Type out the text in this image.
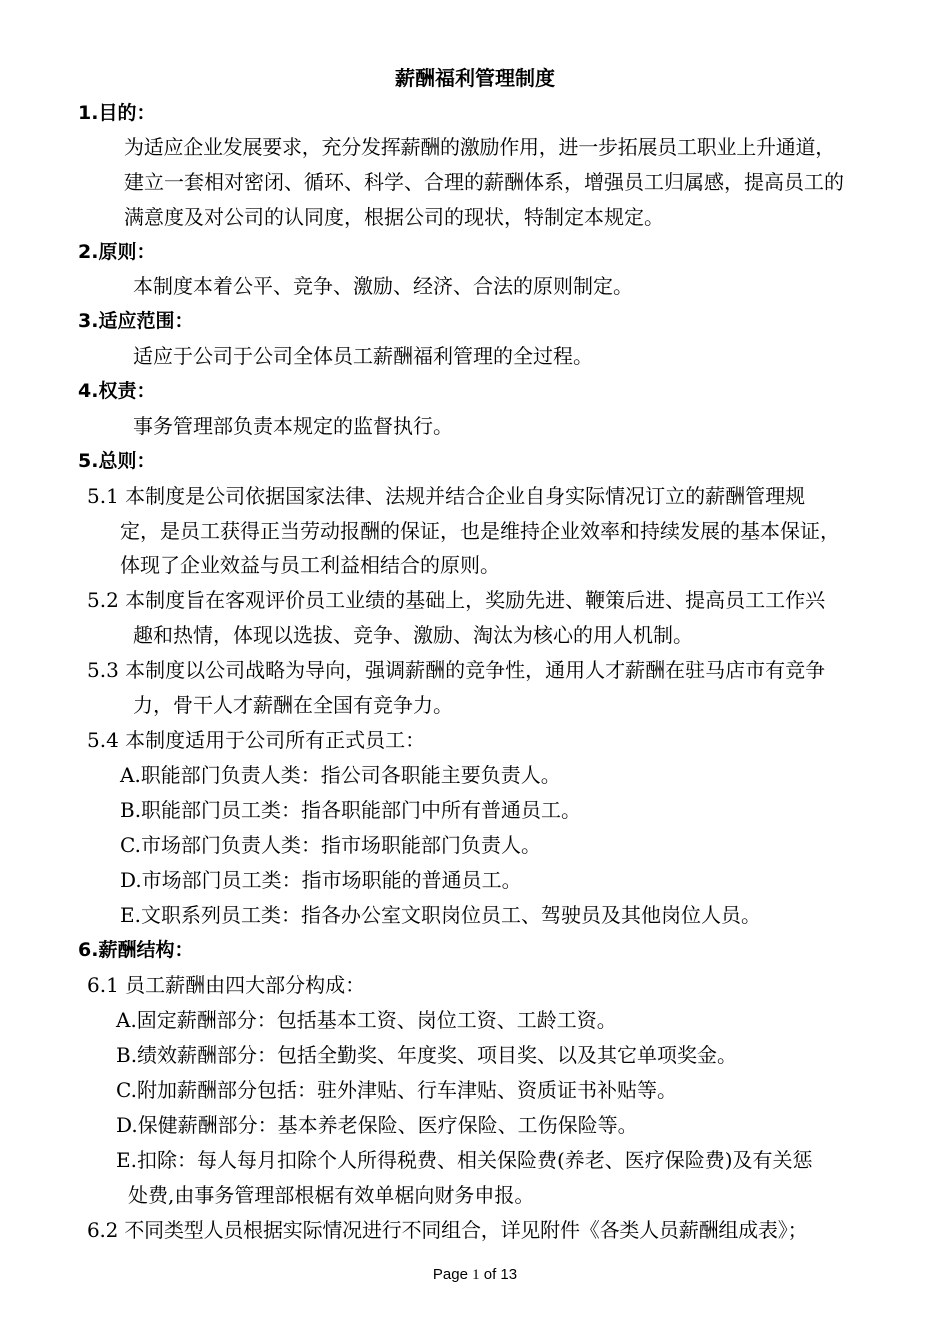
薪酬福利管理制度
1.目的：
为适应企业发展要求，充分发挥薪酬的激励作用，进一步拓展员工职业上升通道，
建立一套相对密闭、循环、科学、合理的薪酬体系，增强员工归属感，提高员工的
满意度及对公司的认同度，根据公司的现状，特制定本规定。
2.原则：
本制度本着公平、竞争、激励、经济、合法的原则制定。
3.适应范围：
适应于公司于公司全体员工薪酬福利管理的全过程。
4.权责：
事务管理部负责本规定的监督执行。
5.总则：
5.1 本制度是公司依据国家法律、法规并结合企业自身实际情况订立的薪酬管理规
定，是员工获得正当劳动报酬的保证，也是维持企业效率和持续发展的基本保证，
体现了企业效益与员工利益相结合的原则。
5.2 本制度旨在客观评价员工业绩的基础上，奖励先进、鞭策后进、提高员工工作兴
趣和热情，体现以选拔、竞争、激励、淘汰为核心的用人机制。
5.3 本制度以公司战略为导向，强调薪酬的竞争性，通用人才薪酬在驻马店市有竞争
力，骨干人才薪酬在全国有竞争力。
5.4 本制度适用于公司所有正式员工：
A.职能部门负责人类：指公司各职能主要负责人。
B.职能部门员工类：指各职能部门中所有普通员工。
C.市场部门负责人类：指市场职能部门负责人。
D.市场部门员工类：指市场职能的普通员工。
E.文职系列员工类：指各办公室文职岗位员工、驾驶员及其他岗位人员。
6.薪酬结构：
6.1 员工薪酬由四大部分构成：
A.固定薪酬部分：包括基本工资、岗位工资、工龄工资。
B.绩效薪酬部分：包括全勤奖、年度奖、项目奖、以及其它单项奖金。
C.附加薪酬部分包括：驻外津贴、行车津贴、资质证书补贴等。
D.保健薪酬部分：基本养老保险、医疗保险、工伤保险等。
E.扣除：每人每月扣除个人所得税费、相关保险费(养老、医疗保险费)及有关惩
处费,由事务管理部根椐有效单椐向财务申报。
6.2 不同类型人员根据实际情况进行不同组合，详见附件《各类人员薪酬组成表》；
Page 1 of 13
